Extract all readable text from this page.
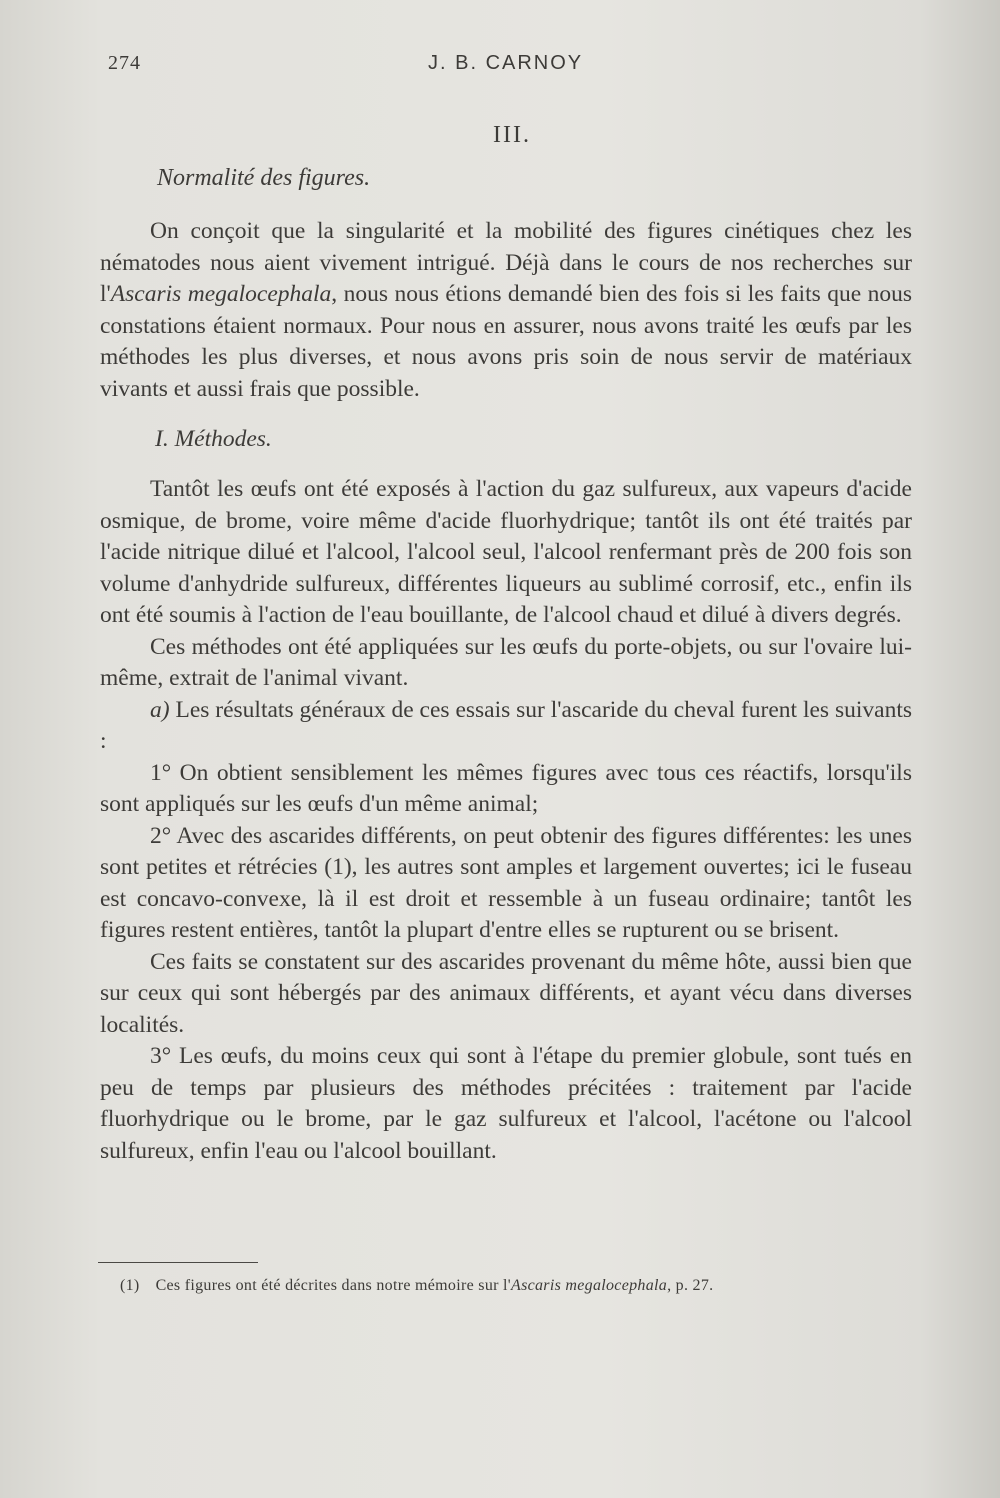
274	J. B. CARNOY
III.
Normalité des figures.

On conçoit que la singularité et la mobilité des figures cinétiques chez les nématodes nous aient vivement intrigué. Déjà dans le cours de nos recherches sur l'Ascaris megalocephala, nous nous étions demandé bien des fois si les faits que nous constations étaient normaux. Pour nous en assurer, nous avons traité les œufs par les méthodes les plus diverses, et nous avons pris soin de nous servir de matériaux vivants et aussi frais que possible.

I. Méthodes.

Tantôt les œufs ont été exposés à l'action du gaz sulfureux, aux vapeurs d'acide osmique, de brome, voire même d'acide fluorhydrique; tantôt ils ont été traités par l'acide nitrique dilué et l'alcool, l'alcool seul, l'alcool renfermant près de 200 fois son volume d'anhydride sulfureux, différentes liqueurs au sublimé corrosif, etc., enfin ils ont été soumis à l'action de l'eau bouillante, de l'alcool chaud et dilué à divers degrés.

Ces méthodes ont été appliquées sur les œufs du porte-objets, ou sur l'ovaire lui-même, extrait de l'animal vivant.

a) Les résultats généraux de ces essais sur l'ascaride du cheval furent les suivants :

1° On obtient sensiblement les mêmes figures avec tous ces réactifs, lorsqu'ils sont appliqués sur les œufs d'un même animal;

2° Avec des ascarides différents, on peut obtenir des figures différentes: les unes sont petites et rétrécies (1), les autres sont amples et largement ouvertes; ici le fuseau est concavo-convexe, là il est droit et ressemble à un fuseau ordinaire; tantôt les figures restent entières, tantôt la plupart d'entre elles se rupturent ou se brisent.

Ces faits se constatent sur des ascarides provenant du même hôte, aussi bien que sur ceux qui sont hébergés par des animaux différents, et ayant vécu dans diverses localités.

3° Les œufs, du moins ceux qui sont à l'étape du premier globule, sont tués en peu de temps par plusieurs des méthodes précitées : traitement par l'acide fluorhydrique ou le brome, par le gaz sulfureux et l'alcool, l'acétone ou l'alcool sulfureux, enfin l'eau ou l'alcool bouillant.

(1) Ces figures ont été décrites dans notre mémoire sur l'Ascaris megalocephala, p. 27.
